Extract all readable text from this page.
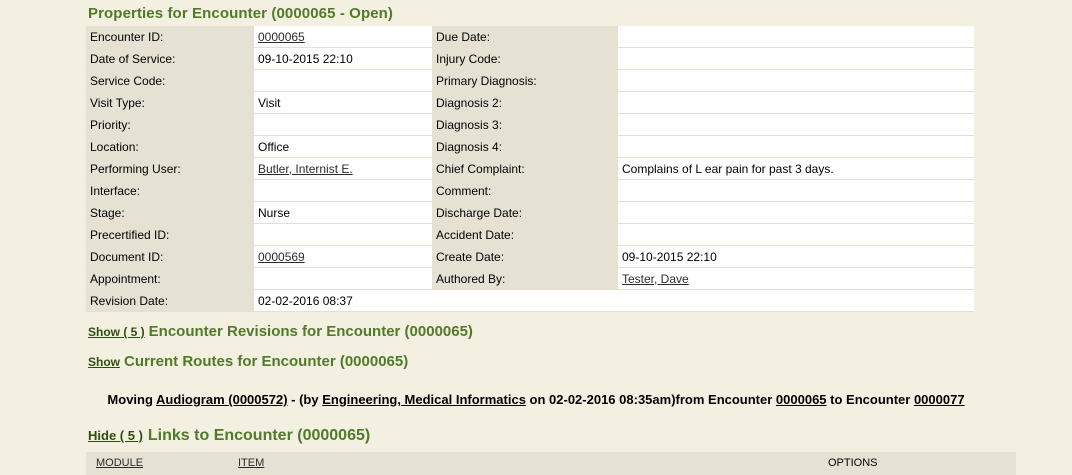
Properties for Encounter (0000065 - Open)
Encounter ID:	0000065	Due Date:	
Date of Service:	09-10-2015 22:10	Injury Code:	
Service Code:		Primary Diagnosis:	
Visit Type:	Visit	Diagnosis 2:	
Priority:		Diagnosis 3:	
Location:	Office	Diagnosis 4:	
Performing User:	Butler, Internist E.	Chief Complaint:	Complains of L ear pain for past 3 days.
Interface:		Comment:	
Stage:	Nurse	Discharge Date:	
Precertified ID:		Accident Date:	
Document ID:	0000569	Create Date:	09-10-2015 22:10
Appointment:		Authored By:	Tester, Dave
Revision Date:	02-02-2016 08:37		
Show ( 5 ) Encounter Revisions for Encounter (0000065)
Show Current Routes for Encounter (0000065)
Moving Audiogram (0000572) - (by Engineering, Medical Informatics on 02-02-2016 08:35am)from Encounter 0000065 to Encounter 0000077
Hide ( 5 ) Links to Encounter (0000065)
MODULE	ITEM	OPTIONS
